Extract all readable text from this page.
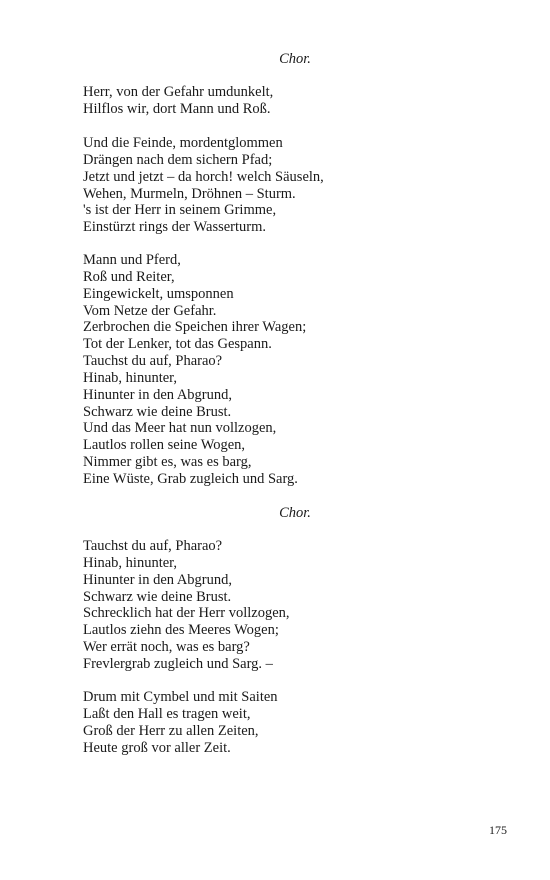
Chor.

Herr, von der Gefahr umdunkelt,
Hilflos wir, dort Mann und Roß.

Und die Feinde, mordentglommen
Drängen nach dem sichern Pfad;
Jetzt und jetzt – da horch! welch Säuseln,
Wehen, Murmeln, Dröhnen – Sturm.
's ist der Herr in seinem Grimme,
Einstürzt rings der Wasserturm.

Mann und Pferd,
Roß und Reiter,
Eingewickelt, umsponnen
Vom Netze der Gefahr.
Zerbrochen die Speichen ihrer Wagen;
Tot der Lenker, tot das Gespann.
Tauchst du auf, Pharao?
Hinab, hinunter,
Hinunter in den Abgrund,
Schwarz wie deine Brust.
Und das Meer hat nun vollzogen,
Lautlos rollen seine Wogen,
Nimmer gibt es, was es barg,
Eine Wüste, Grab zugleich und Sarg.

Chor.

Tauchst du auf, Pharao?
Hinab, hinunter,
Hinunter in den Abgrund,
Schwarz wie deine Brust.
Schrecklich hat der Herr vollzogen,
Lautlos ziehn des Meeres Wogen;
Wer errät noch, was es barg?
Frevlergrab zugleich und Sarg. –

Drum mit Cymbel und mit Saiten
Laßt den Hall es tragen weit,
Groß der Herr zu allen Zeiten,
Heute groß vor aller Zeit.

175
